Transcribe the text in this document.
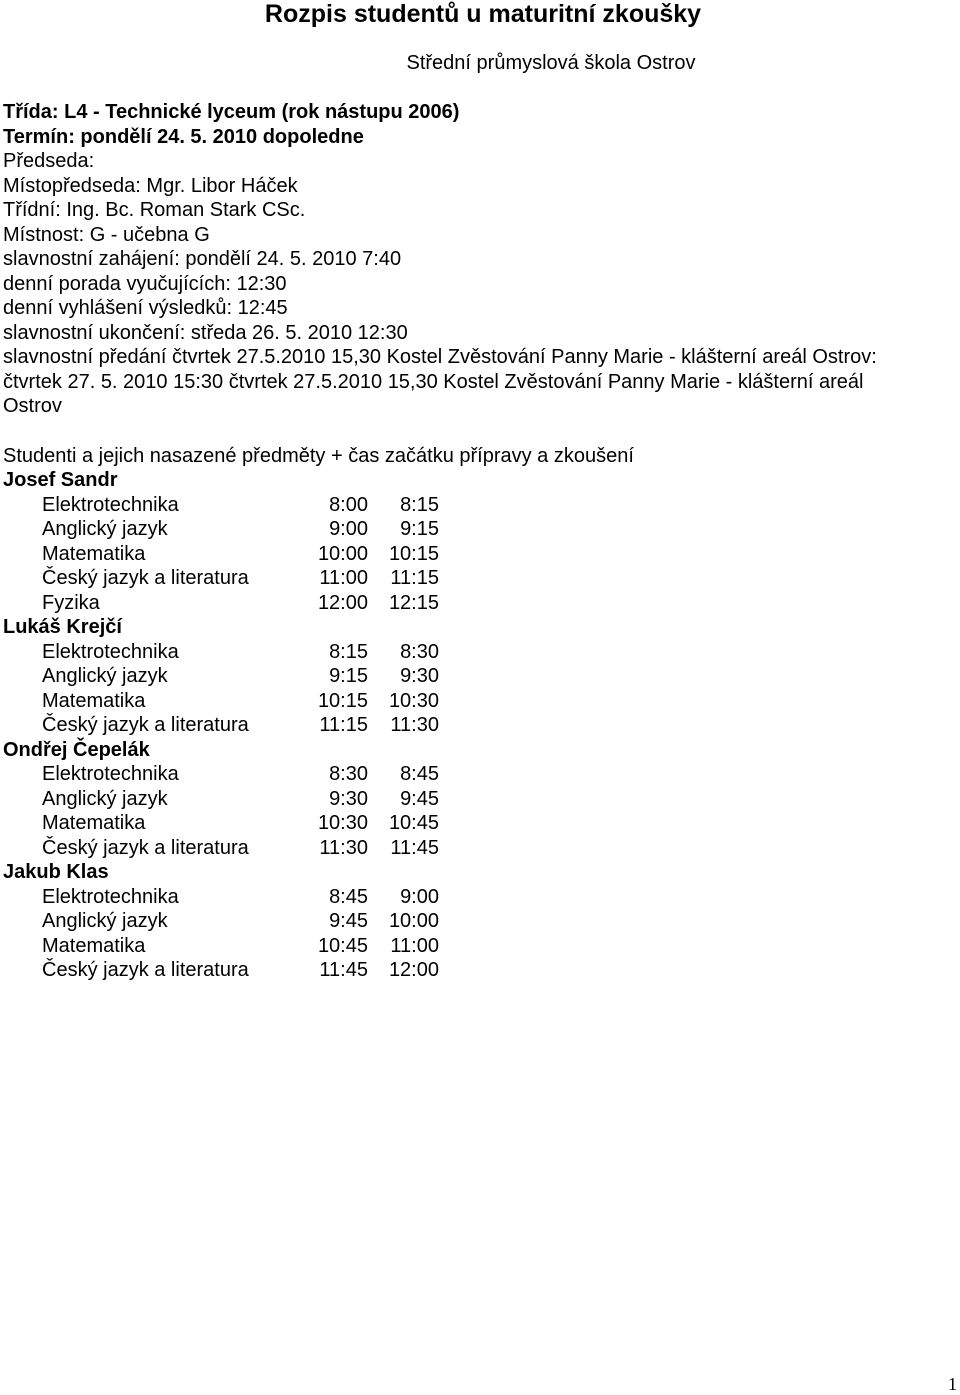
Rozpis studentů u maturitní zkoušky
Střední průmyslová škola Ostrov
Třída: L4 - Technické lyceum (rok nástupu 2006)
Termín: pondělí 24. 5. 2010 dopoledne
Předseda:
Místopředseda: Mgr. Libor Háček
Třídní: Ing. Bc. Roman Stark CSc.
Místnost: G - učebna G
slavnostní zahájení: pondělí 24. 5. 2010 7:40
denní porada vyučujících: 12:30
denní vyhlášení výsledků: 12:45
slavnostní ukončení: středa 26. 5. 2010 12:30
slavnostní předání čtvrtek 27.5.2010 15,30 Kostel Zvěstování Panny Marie - klášterní areál Ostrov:
čtvrtek 27. 5. 2010 15:30 čtvrtek 27.5.2010 15,30 Kostel Zvěstování Panny Marie - klášterní areál
Ostrov
Studenti a jejich nasazené předměty + čas začátku přípravy a zkoušení
Josef Sandr
Elektrotechnika	8:00	8:15
Anglický jazyk	9:00	9:15
Matematika	10:00 10:15
Český jazyk a literatura	11:00 11:15
Fyzika	12:00 12:15
Lukáš Krejčí
Elektrotechnika	8:15	8:30
Anglický jazyk	9:15	9:30
Matematika	10:15 10:30
Český jazyk a literatura	11:15 11:30
Ondřej Čepelák
Elektrotechnika	8:30	8:45
Anglický jazyk	9:30	9:45
Matematika	10:30 10:45
Český jazyk a literatura	11:30 11:45
Jakub Klas
Elektrotechnika	8:45	9:00
Anglický jazyk	9:45 10:00
Matematika	10:45 11:00
Český jazyk a literatura	11:45 12:00
1
